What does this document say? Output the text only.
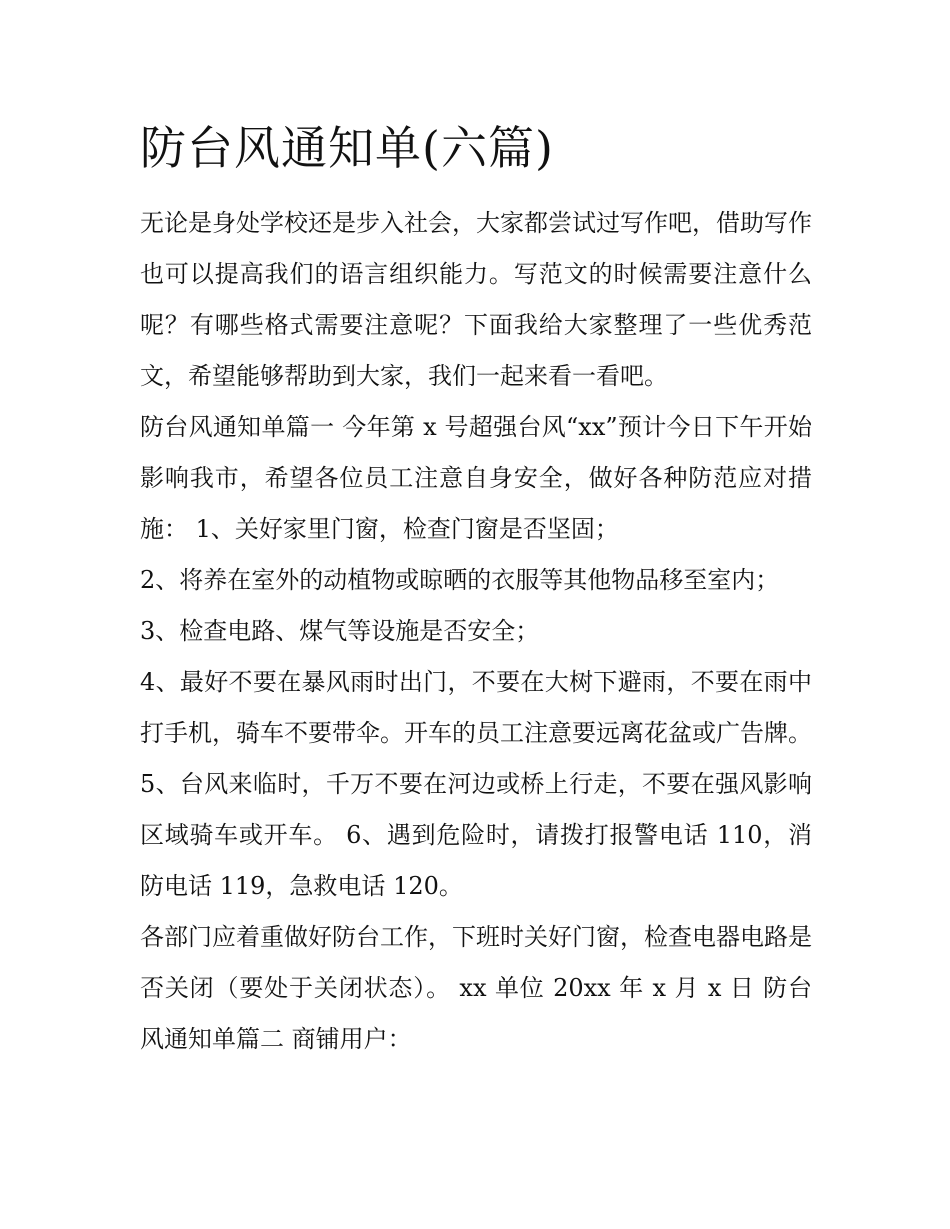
防台风通知单(六篇)

无论是身处学校还是步入社会，大家都尝试过写作吧，借助写作也可以提高我们的语言组织能力。写范文的时候需要注意什么呢？有哪些格式需要注意呢？下面我给大家整理了一些优秀范文，希望能够帮助到大家，我们一起来看一看吧。

防台风通知单篇一 今年第 x 号超强台风“xx”预计今日下午开始影响我市，希望各位员工注意自身安全，做好各种防范应对措施： 1、关好家里门窗，检查门窗是否坚固；

2、将养在室外的动植物或晾晒的衣服等其他物品移至室内；

3、检查电路、煤气等设施是否安全；

4、最好不要在暴风雨时出门，不要在大树下避雨，不要在雨中打手机，骑车不要带伞。开车的员工注意要远离花盆或广告牌。

5、台风来临时，千万不要在河边或桥上行走，不要在强风影响区域骑车或开车。 6、遇到危险时，请拨打报警电话 110，消防电话 119，急救电话 120。

各部门应着重做好防台工作，下班时关好门窗，检查电器电路是否关闭（要处于关闭状态）。 xx 单位 20xx 年 x 月 x 日 防台风通知单篇二 商铺用户：
